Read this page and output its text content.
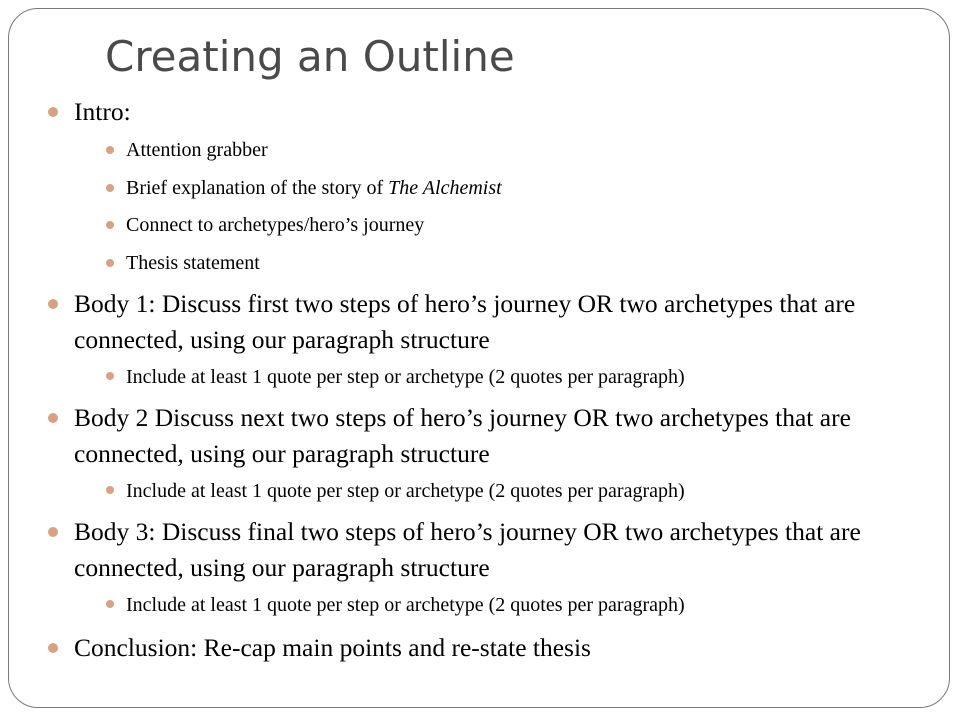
Creating an Outline
Intro:
Attention grabber
Brief explanation of the story of The Alchemist
Connect to archetypes/hero’s journey
Thesis statement
Body 1: Discuss first two steps of hero’s journey OR two archetypes that are connected, using our paragraph structure
Include at least 1 quote per step or archetype (2 quotes per paragraph)
Body 2 Discuss next two steps of hero’s journey OR two archetypes that are connected, using our paragraph structure
Include at least 1 quote per step or archetype (2 quotes per paragraph)
Body 3: Discuss final two steps of hero’s journey OR two archetypes that are connected, using our paragraph structure
Include at least 1 quote per step or archetype (2 quotes per paragraph)
Conclusion: Re-cap main points and re-state thesis
